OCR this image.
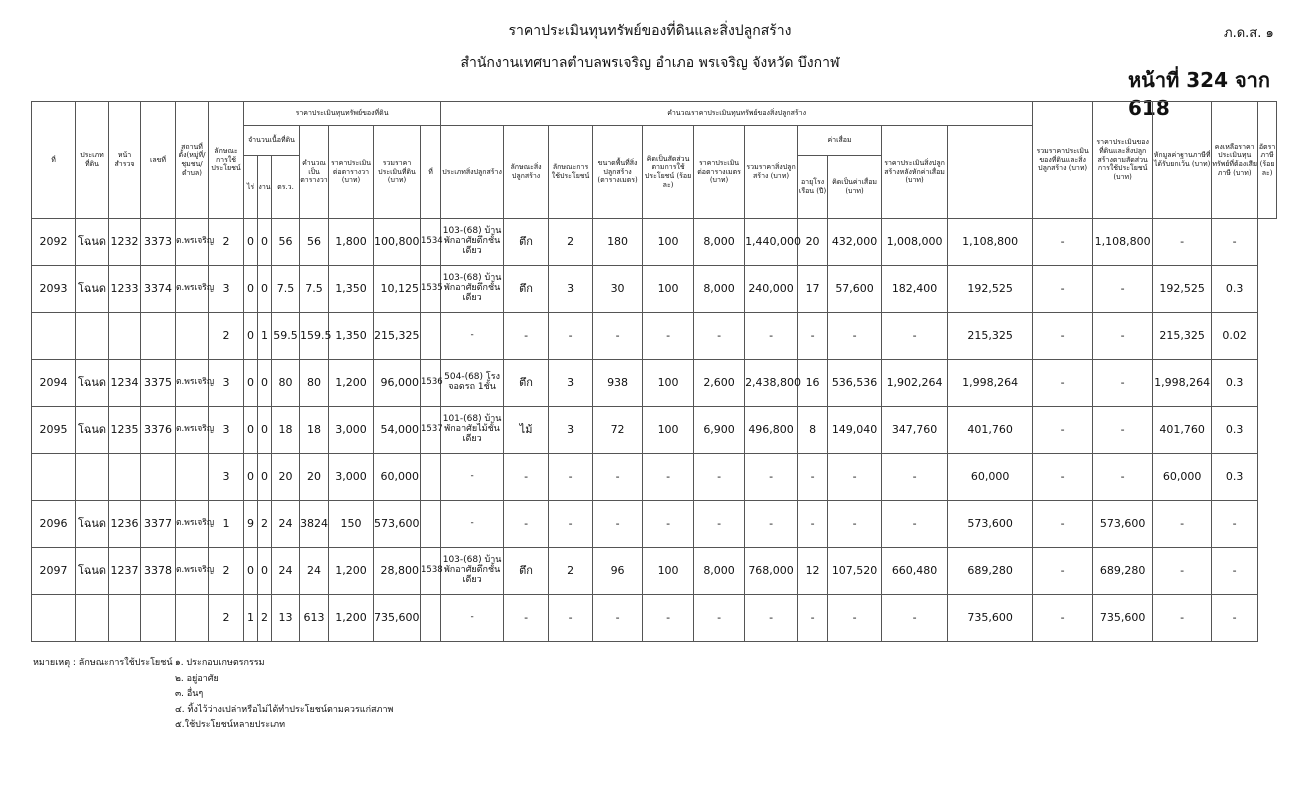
ราคาประเมินทุนทรัพย์ของที่ดินและสิ่งปลูกสร้าง
สำนักงานเทศบาลตำบลพรเจริญ อำเภอ พรเจริญ จังหวัด บึงกาฬ
ภ.ด.ส. ๑
หน้าที่ 324 จาก 618
ที่	ประเภทที่ดิน	หน้าสำรวจ	เลขที่	สถานที่ตั้ง(หมู่ที่/ชุมชน/ตำบล)	ลักษณะการใช้ประโยชน์	ราคาประเมินทุนทรัพย์ของที่ดิน							คำนวณราคาประเมินทุนทรัพย์ของสิ่งปลูกสร้าง											รวมราคาประเมินของที่ดินและสิ่งปลูกสร้าง (บาท)	ราคาประเมินของที่ดินและสิ่งปลูกสร้างตามสัดส่วนการใช้ประโยชน์ (บาท)	หักมูลค่าฐานภาษีที่ได้รับยกเว้น (บาท)	คงเหลือราคาประเมินทุนทรัพย์ที่ต้องเสียภาษี (บาท)	อัตราภาษี (ร้อยละ)
						จำนวนเนื้อที่ดิน			คำนวณเป็นตารางวา	ราคาประเมินต่อตารางวา (บาท)	รวมราคาประเมินที่ดิน (บาท)	ที่	ประเภทสิ่งปลูกสร้าง	ลักษณะสิ่งปลูกสร้าง	ลักษณะการใช้ประโยชน์	ขนาดพื้นที่สิ่งปลูกสร้าง (ตารางเมตร)	คิดเป็นสัดส่วนตามการใช้ประโยชน์ (ร้อยละ)	ราคาประเมินต่อตารางเมตร (บาท)	รวมราคาสิ่งปลูกสร้าง (บาท)	ค่าเสื่อม		ราคาประเมินสิ่งปลูกสร้างหลังหักค่าเสื่อม (บาท)						
						ไร่	งาน	ตร.ว.												อายุโรงเรือน (ปี)	คิดเป็นค่าเสื่อม (บาท)							
2092	โฉนด	1232	3373	ต.พรเจริญ	2	0	0	56	56	1,800	100,800	1534	103-(68) บ้านพักอาศัยตึกชั้นเดียว	ตึก	2	180	100	8,000	1,440,000	20	432,000	1,008,000	1,108,800	-	1,108,800	-	-	
2093	โฉนด	1233	3374	ต.พรเจริญ	3	0	0	7.5	7.5	1,350	10,125	1535	103-(68) บ้านพักอาศัยตึกชั้นเดียว	ตึก	3	30	100	8,000	240,000	17	57,600	182,400	192,525	-	-	192,525	0.3	
					2	0	1	59.5	159.5	1,350	215,325		-	-	-	-	-	-	-	-	-	-	215,325	-	-	215,325	0.02	
2094	โฉนด	1234	3375	ต.พรเจริญ	3	0	0	80	80	1,200	96,000	1536	504-(68) โรงจอดรถ 1ชั้น	ตึก	3	938	100	2,600	2,438,800	16	536,536	1,902,264	1,998,264	-	-	1,998,264	0.3	
2095	โฉนด	1235	3376	ต.พรเจริญ	3	0	0	18	18	3,000	54,000	1537	101-(68) บ้านพักอาศัยไม้ชั้นเดียว	ไม้	3	72	100	6,900	496,800	8	149,040	347,760	401,760	-	-	401,760	0.3	
					3	0	0	20	20	3,000	60,000		-	-	-	-	-	-	-	-	-	-	60,000	-	-	60,000	0.3	
2096	โฉนด	1236	3377	ต.พรเจริญ	1	9	2	24	3824	150	573,600		-	-	-	-	-	-	-	-	-	-	573,600	-	573,600	-	-	
2097	โฉนด	1237	3378	ต.พรเจริญ	2	0	0	24	24	1,200	28,800	1538	103-(68) บ้านพักอาศัยตึกชั้นเดียว	ตึก	2	96	100	8,000	768,000	12	107,520	660,480	689,280	-	689,280	-	-	
					2	1	2	13	613	1,200	735,600		-	-	-	-	-	-	-	-	-	-	735,600	-	735,600	-	-	
หมายเหตุ : ลักษณะการใช้ประโยชน์ ๑. ประกอบเกษตรกรรม
๒. อยู่อาศัย
๓. อื่นๆ
๔. ทิ้งไว้ว่างเปล่าหรือไม่ได้ทำประโยชน์ตามควรแก่สภาพ
๕.ใช้ประโยชน์หลายประเภท
